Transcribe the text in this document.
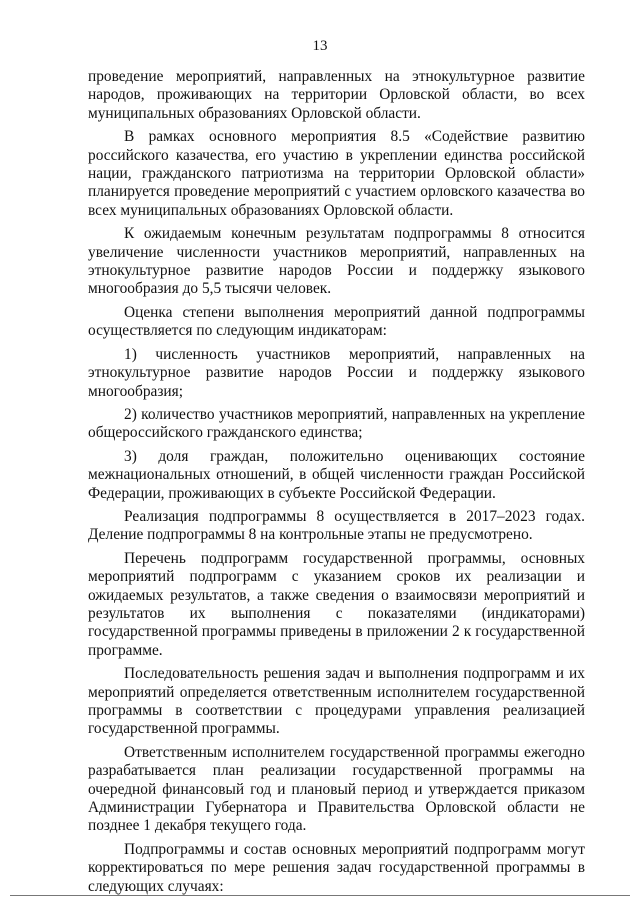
13

проведение мероприятий, направленных на этнокультурное развитие народов, проживающих на территории Орловской области, во всех муниципальных образованиях Орловской области.

В рамках основного мероприятия 8.5 «Содействие развитию российского казачества, его участию в укреплении единства российской нации, гражданского патриотизма на территории Орловской области» планируется проведение мероприятий с участием орловского казачества во всех муниципальных образованиях Орловской области.

К ожидаемым конечным результатам подпрограммы 8 относится увеличение численности участников мероприятий, направленных на этнокультурное развитие народов России и поддержку языкового многообразия до 5,5 тысячи человек.

Оценка степени выполнения мероприятий данной подпрограммы осуществляется по следующим индикаторам:

1) численность участников мероприятий, направленных на этнокультурное развитие народов России и поддержку языкового многообразия;

2) количество участников мероприятий, направленных на укрепление общероссийского гражданского единства;

3) доля граждан, положительно оценивающих состояние межнациональных отношений, в общей численности граждан Российской Федерации, проживающих в субъекте Российской Федерации.

Реализация подпрограммы 8 осуществляется в 2017–2023 годах. Деление подпрограммы 8 на контрольные этапы не предусмотрено.

Перечень подпрограмм государственной программы, основных мероприятий подпрограмм с указанием сроков их реализации и ожидаемых результатов, а также сведения о взаимосвязи мероприятий и результатов их выполнения с показателями (индикаторами) государственной программы приведены в приложении 2 к государственной программе.

Последовательность решения задач и выполнения подпрограмм и их мероприятий определяется ответственным исполнителем государственной программы в соответствии с процедурами управления реализацией государственной программы.

Ответственным исполнителем государственной программы ежегодно разрабатывается план реализации государственной программы на очередной финансовый год и плановый период и утверждается приказом Администрации Губернатора и Правительства Орловской области не позднее 1 декабря текущего года.

Подпрограммы и состав основных мероприятий подпрограмм могут корректироваться по мере решения задач государственной программы в следующих случаях:
